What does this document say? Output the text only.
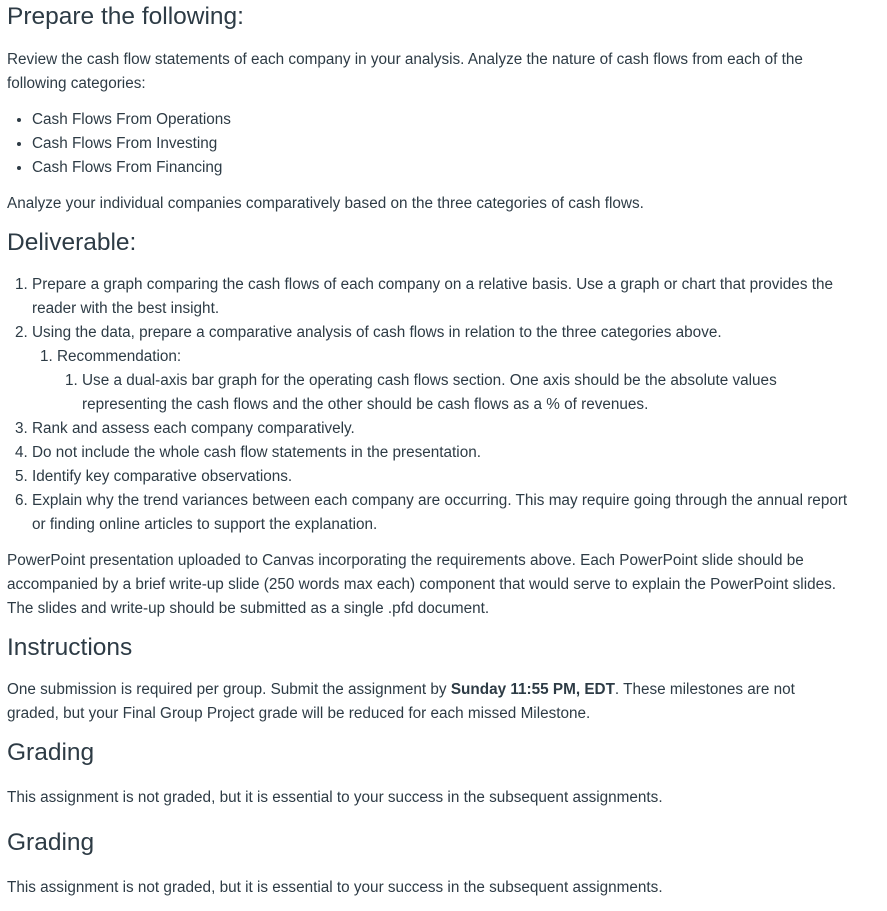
Prepare the following:

Review the cash flow statements of each company in your analysis. Analyze the nature of cash flows from each of the following categories:

• Cash Flows From Operations
• Cash Flows From Investing
• Cash Flows From Financing

Analyze your individual companies comparatively based on the three categories of cash flows.

Deliverable:
1. Prepare a graph comparing the cash flows of each company on a relative basis. Use a graph or chart that provides the reader with the best insight.
2. Using the data, prepare a comparative analysis of cash flows in relation to the three categories above.
1. Recommendation:
1. Use a dual-axis bar graph for the operating cash flows section. One axis should be the absolute values representing the cash flows and the other should be cash flows as a % of revenues.
3. Rank and assess each company comparatively.
4. Do not include the whole cash flow statements in the presentation.
5. Identify key comparative observations.
6. Explain why the trend variances between each company are occurring. This may require going through the annual report or finding online articles to support the explanation.

PowerPoint presentation uploaded to Canvas incorporating the requirements above. Each PowerPoint slide should be accompanied by a brief write-up slide (250 words max each) component that would serve to explain the PowerPoint slides. The slides and write-up should be submitted as a single .pfd document.

Instructions

One submission is required per group. Submit the assignment by Sunday 11:55 PM, EDT. These milestones are not graded, but your Final Group Project grade will be reduced for each missed Milestone.

Grading

This assignment is not graded, but it is essential to your success in the subsequent assignments.

Grading

This assignment is not graded, but it is essential to your success in the subsequent assignments.
